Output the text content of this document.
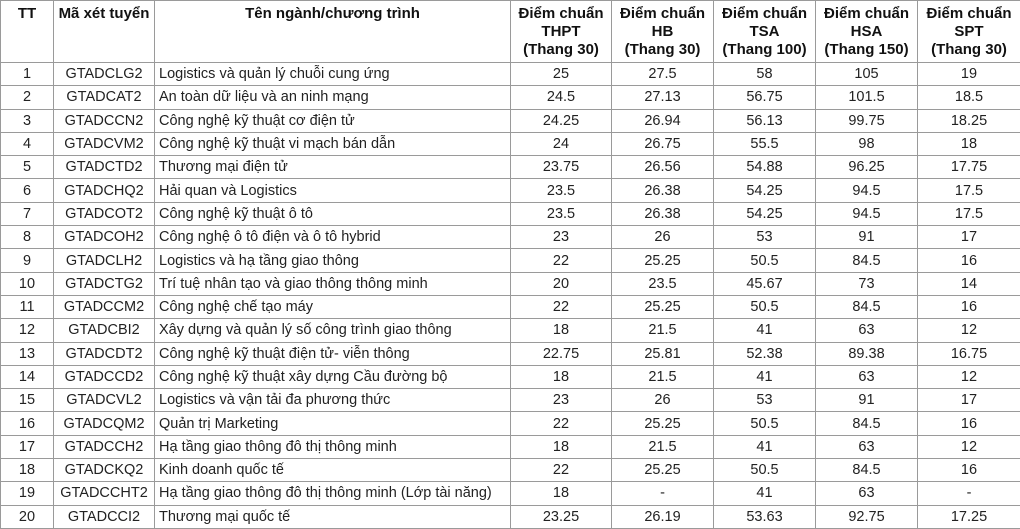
TT	Mã xét tuyển	Tên ngành/chương trình	Điểm chuẩn
THPT
(Thang 30)	Điểm chuẩn
HB
(Thang 30)	Điểm chuẩn
TSA
(Thang 100)	Điểm chuẩn
HSA
(Thang 150)	Điểm chuẩn
SPT
(Thang 30)

1	GTADCLG2	Logistics và quản lý chuỗi cung ứng	25	27.5	58	105	19
2	GTADCAT2	An toàn dữ liệu và an ninh mạng	24.5	27.13	56.75	101.5	18.5
3	GTADCCN2	Công nghệ kỹ thuật cơ điện tử	24.25	26.94	56.13	99.75	18.25
4	GTADCVM2	Công nghệ kỹ thuật vi mạch bán dẫn	24	26.75	55.5	98	18
5	GTADCTD2	Thương mại điện tử	23.75	26.56	54.88	96.25	17.75
6	GTADCHQ2	Hải quan và Logistics	23.5	26.38	54.25	94.5	17.5
7	GTADCOT2	Công nghệ kỹ thuật ô tô	23.5	26.38	54.25	94.5	17.5
8	GTADCOH2	Công nghệ ô tô điện và ô tô hybrid	23	26	53	91	17
9	GTADCLH2	Logistics và hạ tầng giao thông	22	25.25	50.5	84.5	16
10	GTADCTG2	Trí tuệ nhân tạo và giao thông thông minh	20	23.5	45.67	73	14
11	GTADCCM2	Công nghệ chế tạo máy	22	25.25	50.5	84.5	16
12	GTADCBI2	Xây dựng và quản lý số công trình giao thông	18	21.5	41	63	12
13	GTADCDT2	Công nghệ kỹ thuật điện tử- viễn thông	22.75	25.81	52.38	89.38	16.75
14	GTADCCD2	Công nghệ kỹ thuật xây dựng Cầu đường bộ	18	21.5	41	63	12
15	GTADCVL2	Logistics và vận tải đa phương thức	23	26	53	91	17
16	GTADCQM2	Quản trị Marketing	22	25.25	50.5	84.5	16
17	GTADCCH2	Hạ tầng giao thông đô thị thông minh	18	21.5	41	63	12
18	GTADCKQ2	Kinh doanh quốc tế	22	25.25	50.5	84.5	16
19	GTADCCHT2	Hạ tầng giao thông đô thị thông minh (Lớp tài năng)	18	-	41	63	-
20	GTADCCI2	Thương mại quốc tế	23.25	26.19	53.63	92.75	17.25
